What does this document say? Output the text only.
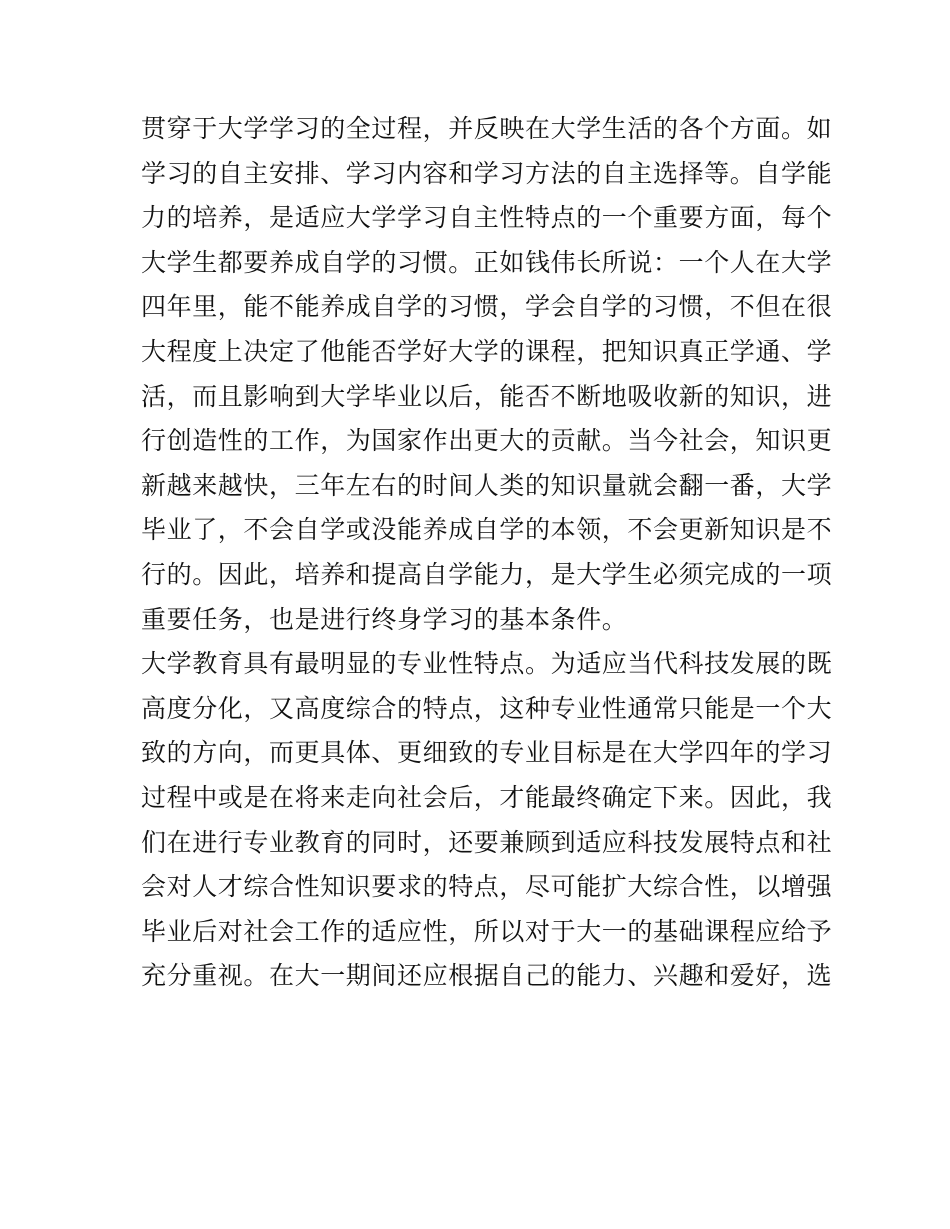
贯穿于大学学习的全过程，并反映在大学生活的各个方面。如
学习的自主安排、学习内容和学习方法的自主选择等。自学能
力的培养，是适应大学学习自主性特点的一个重要方面，每个
大学生都要养成自学的习惯。正如钱伟长所说：一个人在大学
四年里，能不能养成自学的习惯，学会自学的习惯，不但在很
大程度上决定了他能否学好大学的课程，把知识真正学通、学
活，而且影响到大学毕业以后，能否不断地吸收新的知识，进
行创造性的工作，为国家作出更大的贡献。当今社会，知识更
新越来越快，三年左右的时间人类的知识量就会翻一番，大学
毕业了，不会自学或没能养成自学的本领，不会更新知识是不
行的。因此，培养和提高自学能力，是大学生必须完成的一项
重要任务，也是进行终身学习的基本条件。
大学教育具有最明显的专业性特点。为适应当代科技发展的既
高度分化，又高度综合的特点，这种专业性通常只能是一个大
致的方向，而更具体、更细致的专业目标是在大学四年的学习
过程中或是在将来走向社会后，才能最终确定下来。因此，我
们在进行专业教育的同时，还要兼顾到适应科技发展特点和社
会对人才综合性知识要求的特点，尽可能扩大综合性，以增强
毕业后对社会工作的适应性，所以对于大一的基础课程应给予
充分重视。在大一期间还应根据自己的能力、兴趣和爱好，选
